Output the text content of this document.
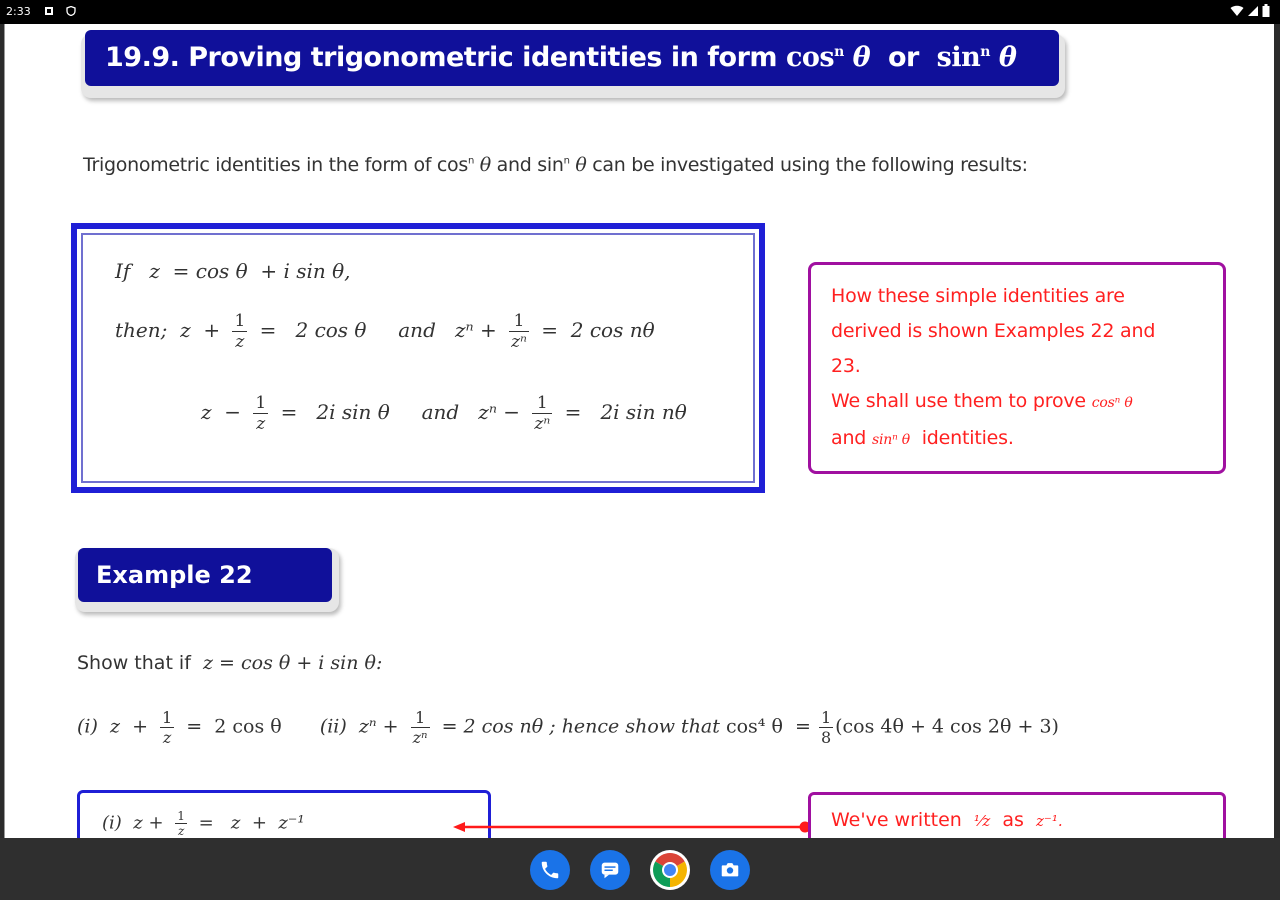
2:33
19.9. Proving trigonometric identities in form $\cos^n \theta$  or  $\sin^n \theta$
Trigonometric identities in the form of $\cos^n \theta$ and $\sin^n \theta$ can be investigated using the following results:
If   z  = cos θ  + i sin θ,
then;  $z + \frac{1}{z} = 2$ cos θ     and   $z^n + \frac{1}{\text{zⁿ}} = 2$ cos nθ
$z - \frac{1}{z} = 2i$ sin θ     and   $z^n - \frac{1}{\text{zⁿ}} = 2i$ sin nθ
How these simple identities are
derived is shown Examples 22 and
23.
We shall use them to prove cosⁿ θ
and sinⁿ θ  identities.
Example 22
Show that if  z = cos θ + i sin θ:
(i)  $z + \frac{1}{z} = 2$ cos θ (ii)  $z^n + \frac{1}{\text{zⁿ}} = 2$ cos nθ ; hence show that cos⁴ $\theta = \frac{1}{8} (\cos$ 4θ + 4 cos 2θ + 3)
(i)  $z + \frac{1}{z} = z + z^{-1}$	We've written  ¹⁄z  as  z⁻¹.
